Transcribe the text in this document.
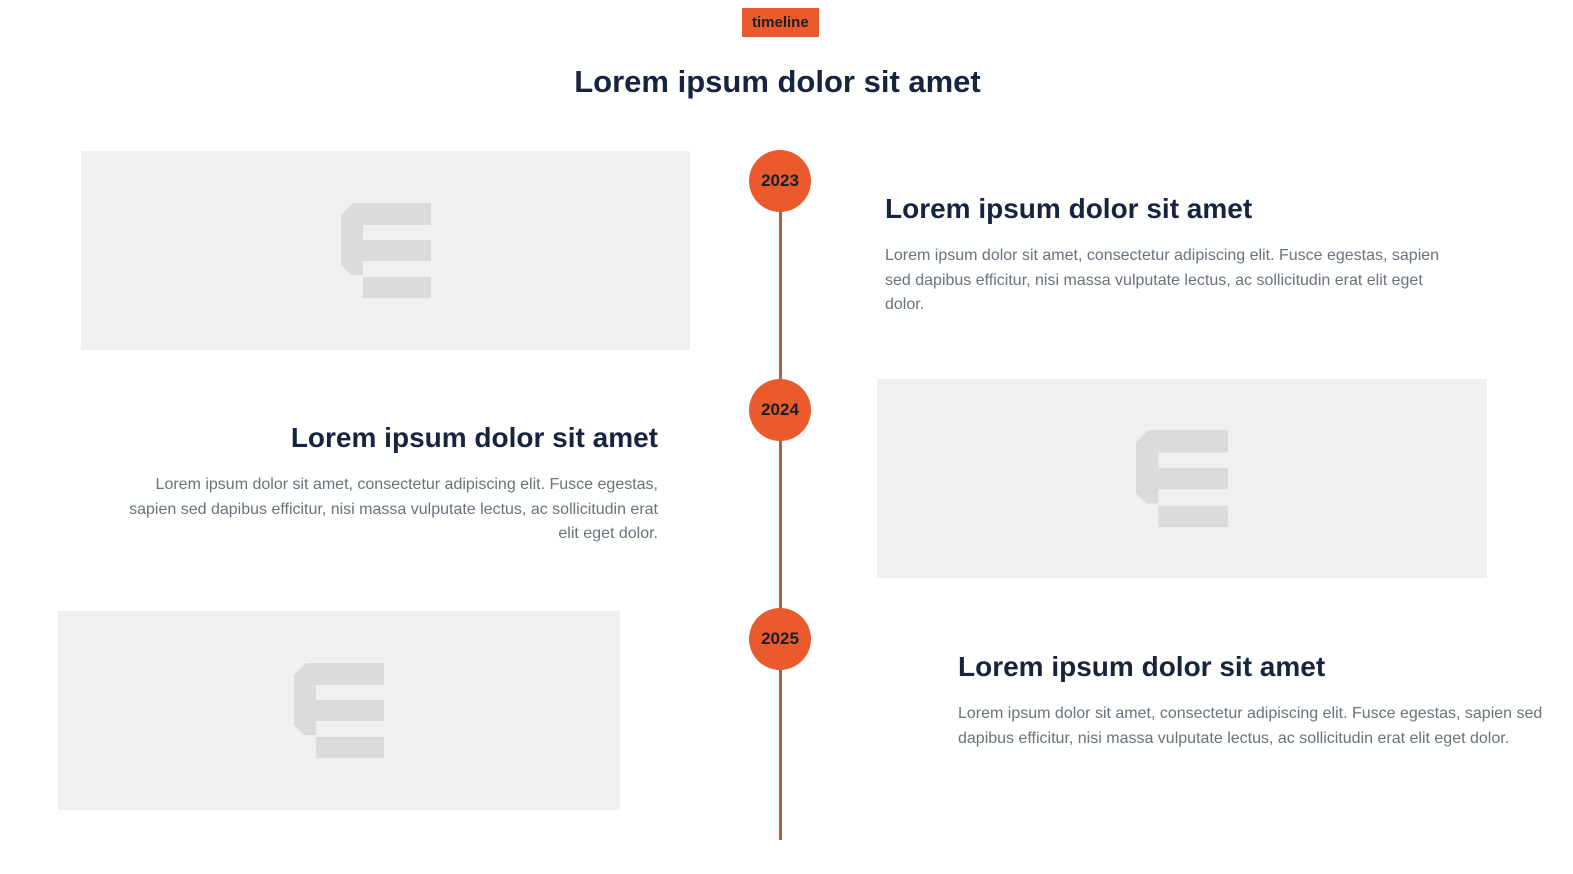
timeline
Lorem ipsum dolor sit amet
2023
Lorem ipsum dolor sit amet

Lorem ipsum dolor sit amet, consectetur adipiscing elit. Fusce egestas, sapien sed dapibus efficitur, nisi massa vulputate lectus, ac sollicitudin erat elit eget dolor.

Lorem ipsum dolor sit amet

Lorem ipsum dolor sit amet, consectetur adipiscing elit. Fusce egestas, sapien sed dapibus efficitur, nisi massa vulputate lectus, ac sollicitudin erat elit eget dolor.

2024
2025
Lorem ipsum dolor sit amet

Lorem ipsum dolor sit amet, consectetur adipiscing elit. Fusce egestas, sapien sed dapibus efficitur, nisi massa vulputate lectus, ac sollicitudin erat elit eget dolor.
